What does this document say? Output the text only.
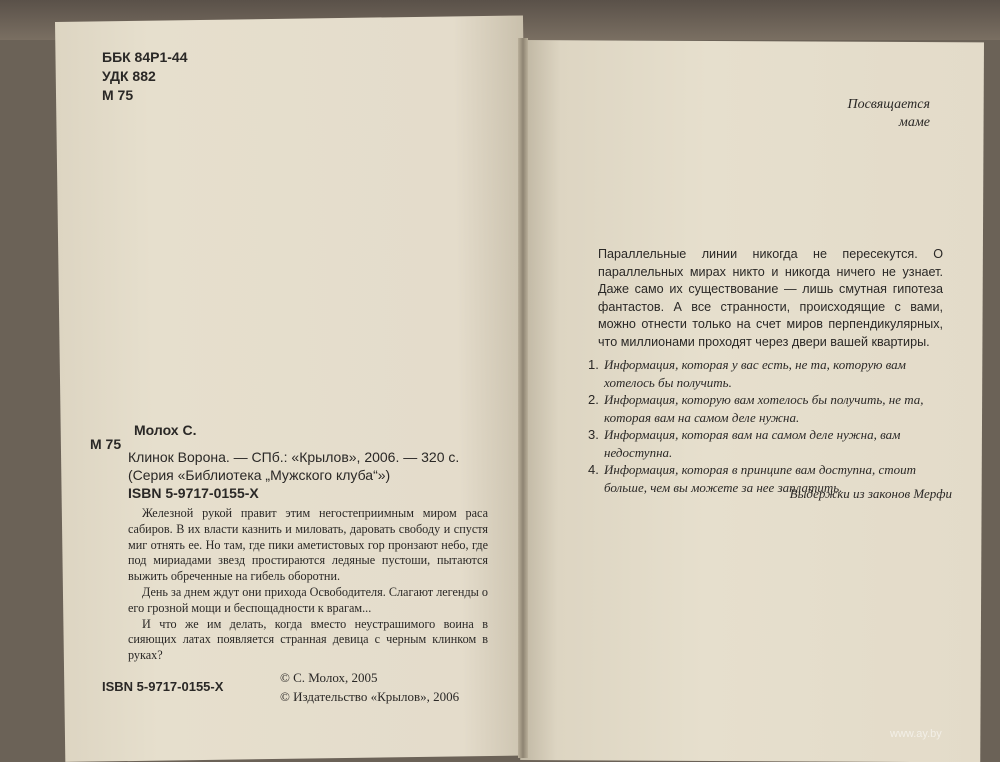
ББК 84Р1-44
УДК 882
М 75
М 75
Молох С.
Клинок Ворона. — СПб.: «Крылов», 2006. — 320 с.
(Серия «Библиотека „Мужского клуба“»)
ISBN 5-9717-0155-X

Железной рукой правит этим негостеприимным миром раса сабиров. В их власти казнить и миловать, даровать свободу и спустя миг отнять ее. Но там, где пики аметистовых гор пронзают небо, где под мириадами звезд простираются ледяные пустоши, пытаются выжить обреченные на гибель оборотни.

День за днем ждут они прихода Освободителя. Слагают легенды о его грозной мощи и беспощадности к врагам...

И что же им делать, когда вместо неустрашимого воина в сияющих латах появляется странная девица с черным клинком в руках?

ISBN 5-9717-0155-X
© С. Молох, 2005
© Издательство «Крылов», 2006
Посвящается
маме
Параллельные линии никогда не пересекутся. О параллельных мирах никто и никогда ничего не узнает. Даже само их существование — лишь смутная гипотеза фантастов. А все странности, происходящие с вами, можно отнести только на счет миров перпендикулярных, что миллионами проходят через двери вашей квартиры.
1. Информация, которая у вас есть, не та, которую вам хотелось бы получить.
2. Информация, которую вам хотелось бы получить, не та, которая вам на самом деле нужна.
3. Информация, которая вам на самом деле нужна, вам недоступна.
4. Информация, которая в принципе вам доступна, стоит больше, чем вы можете за нее заплатить.
Выдержки из законов Мерфи
www.ay.by
